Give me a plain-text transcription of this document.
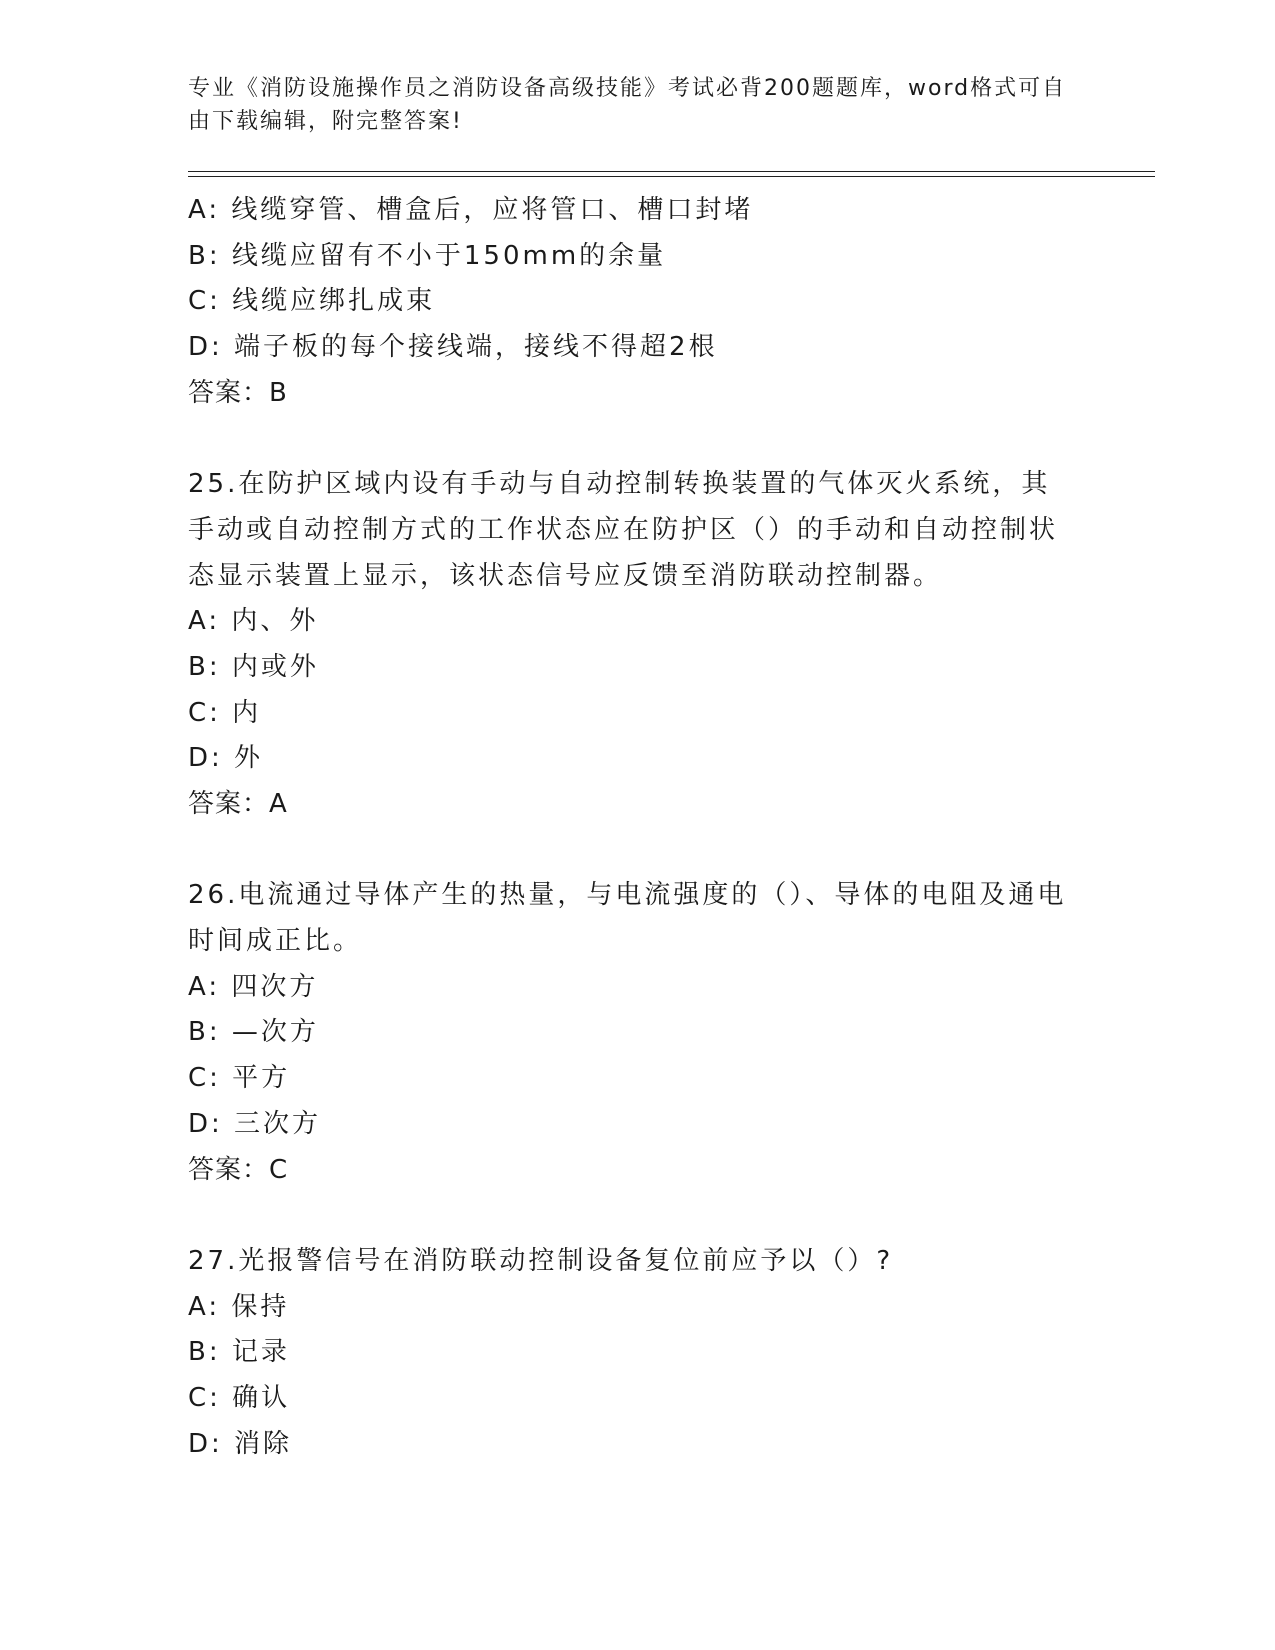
专业《消防设施操作员之消防设备高级技能》考试必背200题题库，word格式可自由下载编辑，附完整答案!
A: 线缆穿管、槽盒后，应将管口、槽口封堵
B: 线缆应留有不小于150mm的余量
C: 线缆应绑扎成束
D: 端子板的每个接线端，接线不得超2根
答案：B
25.在防护区域内设有手动与自动控制转换装置的气体灭火系统，其手动或自动控制方式的工作状态应在防护区（）的手动和自动控制状态显示装置上显示，该状态信号应反馈至消防联动控制器。
A: 内、外
B: 内或外
C: 内
D: 外
答案：A
26.电流通过导体产生的热量，与电流强度的（）、导体的电阻及通电时间成正比。
A: 四次方
B: —次方
C: 平方
D: 三次方
答案：C
27.光报警信号在消防联动控制设备复位前应予以（）?
A: 保持
B: 记录
C: 确认
D: 消除
